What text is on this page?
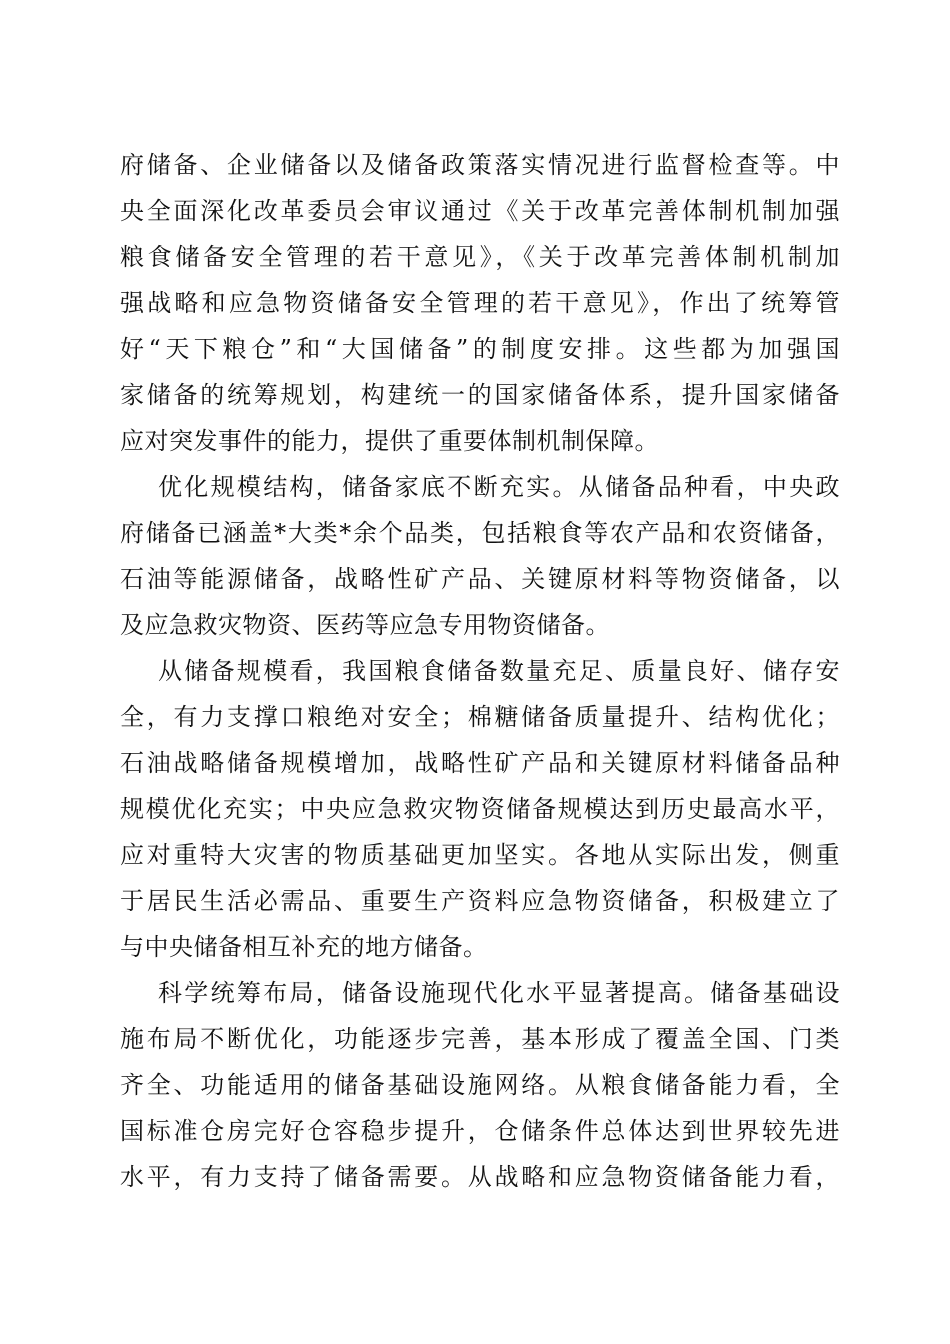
府储备、企业储备以及储备政策落实情况进行监督检查等。中
央全面深化改革委员会审议通过《关于改革完善体制机制加强
粮食储备安全管理的若干意见》，《关于改革完善体制机制加
强战略和应急物资储备安全管理的若干意见》，作出了统筹管
好“天下粮仓”和“大国储备”的制度安排。这些都为加强国
家储备的统筹规划，构建统一的国家储备体系，提升国家储备
应对突发事件的能力，提供了重要体制机制保障。
优化规模结构，储备家底不断充实。从储备品种看，中央政
府储备已涵盖*大类*余个品类，包括粮食等农产品和农资储备，
石油等能源储备，战略性矿产品、关键原材料等物资储备，以
及应急救灾物资、医药等应急专用物资储备。
从储备规模看，我国粮食储备数量充足、质量良好、储存安
全，有力支撑口粮绝对安全；棉糖储备质量提升、结构优化；
石油战略储备规模增加，战略性矿产品和关键原材料储备品种
规模优化充实；中央应急救灾物资储备规模达到历史最高水平，
应对重特大灾害的物质基础更加坚实。各地从实际出发，侧重
于居民生活必需品、重要生产资料应急物资储备，积极建立了
与中央储备相互补充的地方储备。
科学统筹布局，储备设施现代化水平显著提高。储备基础设
施布局不断优化，功能逐步完善，基本形成了覆盖全国、门类
齐全、功能适用的储备基础设施网络。从粮食储备能力看，全
国标准仓房完好仓容稳步提升，仓储条件总体达到世界较先进
水平，有力支持了储备需要。从战略和应急物资储备能力看，
